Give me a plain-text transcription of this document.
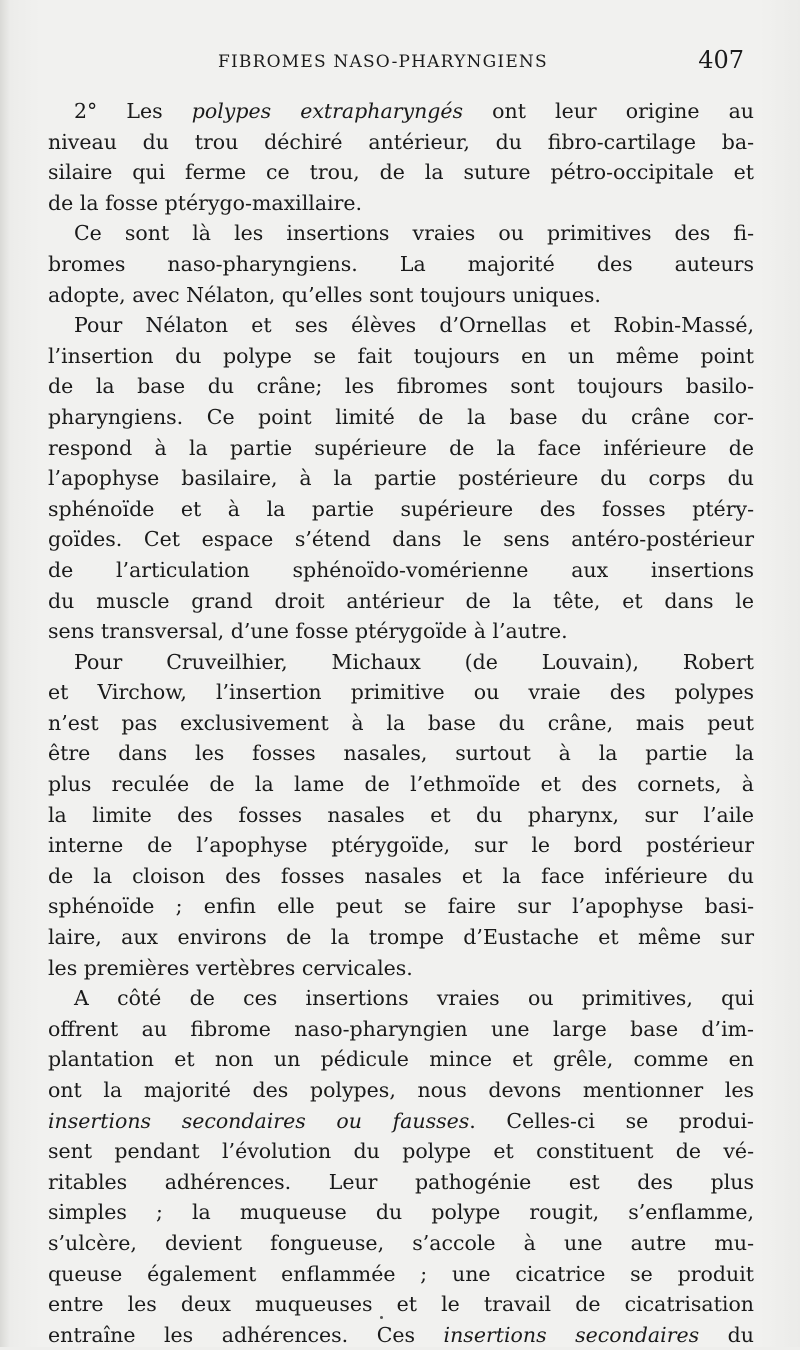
FIBROMES NASO-PHARYNGIENS	407
2° Les polypes extrapharyngés ont leur origine au
niveau du trou déchiré antérieur, du fibro-cartilage ba-
silaire qui ferme ce trou, de la suture pétro-occipitale et
de la fosse ptérygo-maxillaire.
Ce sont là les insertions vraies ou primitives des fi-
bromes naso-pharyngiens. La majorité des auteurs
adopte, avec Nélaton, qu’elles sont toujours uniques.
Pour Nélaton et ses élèves d’Ornellas et Robin-Massé,
l’insertion du polype se fait toujours en un même point
de la base du crâne; les fibromes sont toujours basilo-
pharyngiens. Ce point limité de la base du crâne cor-
respond à la partie supérieure de la face inférieure de
l’apophyse basilaire, à la partie postérieure du corps du
sphénoïde et à la partie supérieure des fosses ptéry-
goïdes. Cet espace s’étend dans le sens antéro-postérieur
de l’articulation sphénoïdo-vomérienne aux insertions
du muscle grand droit antérieur de la tête, et dans le
sens transversal, d’une fosse ptérygoïde à l’autre.
Pour Cruveilhier, Michaux (de Louvain), Robert
et Virchow, l’insertion primitive ou vraie des polypes
n’est pas exclusivement à la base du crâne, mais peut
être dans les fosses nasales, surtout à la partie la
plus reculée de la lame de l’ethmoïde et des cornets, à
la limite des fosses nasales et du pharynx, sur l’aile
interne de l’apophyse ptérygoïde, sur le bord postérieur
de la cloison des fosses nasales et la face inférieure du
sphénoïde ; enfin elle peut se faire sur l’apophyse basi-
laire, aux environs de la trompe d’Eustache et même sur
les premières vertèbres cervicales.
A côté de ces insertions vraies ou primitives, qui
offrent au fibrome naso-pharyngien une large base d’im-
plantation et non un pédicule mince et grêle, comme en
ont la majorité des polypes, nous devons mentionner les
insertions secondaires ou fausses. Celles-ci se produi-
sent pendant l’évolution du polype et constituent de vé-
ritables adhérences. Leur pathogénie est des plus
simples ; la muqueuse du polype rougit, s’enflamme,
s’ulcère, devient fongueuse, s’accole à une autre mu-
queuse également enflammée ; une cicatrice se produit
entre les deux muqueuses et le travail de cicatrisation
entraîne les adhérences. Ces insertions secondaires du
